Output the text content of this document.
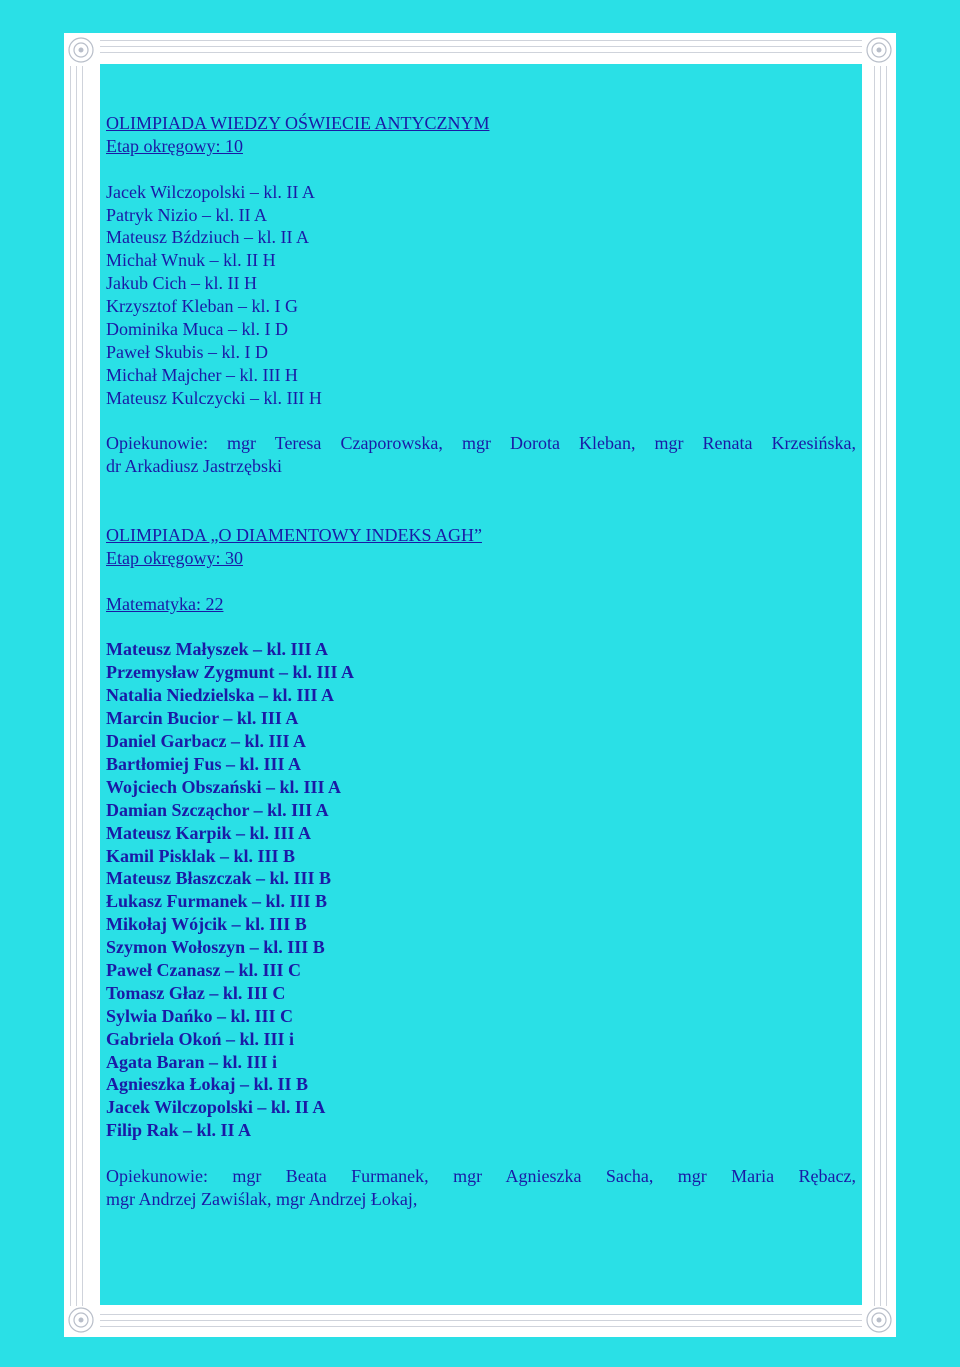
OLIMPIADA WIEDZY OŚWIECIE ANTYCZNYM
Etap okręgowy: 10
Jacek Wilczopolski – kl. II A
Patryk Nizio – kl. II A
Mateusz Bździuch – kl. II A
Michał Wnuk – kl. II H
Jakub Cich – kl. II H
Krzysztof Kleban – kl. I G
Dominika Muca – kl. I D
Paweł Skubis – kl. I D
Michał Majcher – kl. III H
Mateusz Kulczycki – kl. III H
Opiekunowie: mgr Teresa Czaporowska, mgr Dorota Kleban, mgr Renata Krzesińska,
dr Arkadiusz Jastrzębski
OLIMPIADA „O DIAMENTOWY INDEKS AGH”
Etap okręgowy: 30
Matematyka: 22
Mateusz Małyszek – kl. III A
Przemysław Zygmunt – kl. III A
Natalia Niedzielska – kl. III A
Marcin Bucior – kl. III A
Daniel Garbacz – kl. III A
Bartłomiej Fus – kl. III A
Wojciech Obszański – kl. III A
Damian Szcząchor – kl. III A
Mateusz Karpik – kl. III A
Kamil Pisklak – kl. III B
Mateusz Błaszczak – kl. III B
Łukasz Furmanek – kl. III B
Mikołaj Wójcik – kl. III B
Szymon Wołoszyn – kl. III B
Paweł Czanasz – kl. III C
Tomasz Głaz – kl. III C
Sylwia Dańko – kl. III C
Gabriela Okoń – kl. III i
Agata Baran – kl. III i
Agnieszka Łokaj – kl. II B
Jacek Wilczopolski – kl. II A
Filip Rak – kl. II A
Opiekunowie: mgr Beata Furmanek, mgr Agnieszka Sacha, mgr Maria Rębacz,
mgr Andrzej Zawiślak, mgr Andrzej Łokaj,
